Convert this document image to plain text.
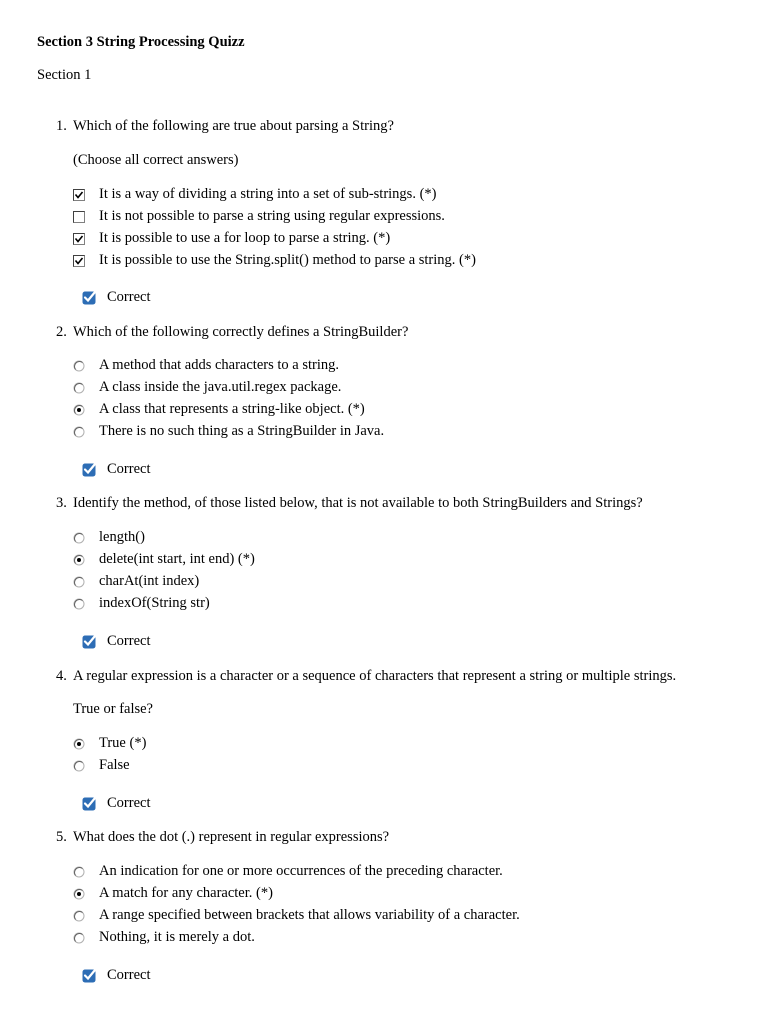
Section 3 String Processing Quizz
Section 1
1. Which of the following are true about parsing a String?
(Choose all correct answers)
It is a way of dividing a string into a set of sub-strings. (*)
It is not possible to parse a string using regular expressions.
It is possible to use a for loop to parse a string. (*)
It is possible to use the String.split() method to parse a string. (*)
Correct
2. Which of the following correctly defines a StringBuilder?
A method that adds characters to a string.
A class inside the java.util.regex package.
A class that represents a string-like object. (*)
There is no such thing as a StringBuilder in Java.
Correct
3. Identify the method, of those listed below, that is not available to both StringBuilders and Strings?
length()
delete(int start, int end) (*)
charAt(int index)
indexOf(String str)
Correct
4. A regular expression is a character or a sequence of characters that represent a string or multiple strings.
True or false?
True (*)
False
Correct
5. What does the dot (.) represent in regular expressions?
An indication for one or more occurrences of the preceding character.
A match for any character. (*)
A range specified between brackets that allows variability of a character.
Nothing, it is merely a dot.
Correct
